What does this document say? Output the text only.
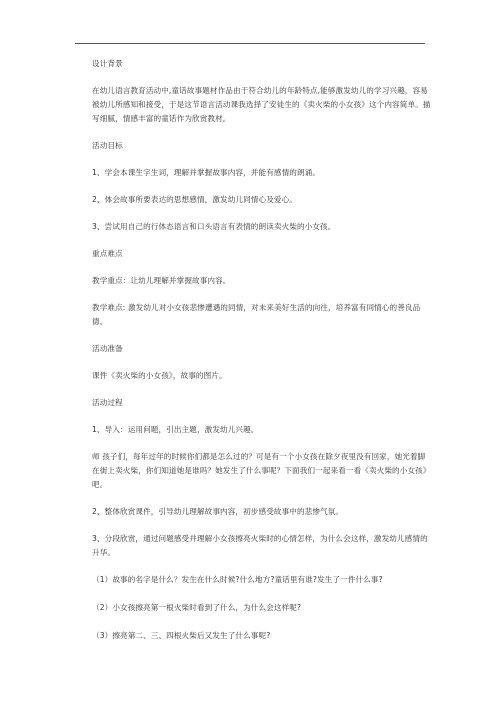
设计背景

在幼儿语言教育活动中,童话故事题材作品由于符合幼儿的年龄特点,能够激发幼儿的学习兴趣，容易被幼儿所感知和接受，于是这节语言活动课我选择了安徒生的《卖火柴的小女孩》这个内容简单。描写细腻，情感丰富的童话作为欣赏教材。

活动目标

1、学会本课生字生词，理解并掌握故事内容，并能有感情的朗诵。

2、体会故事所要表达的思想感情，激发幼儿同情心及爱心。

3、尝试用自己的行体态语言和口头语言有表情的朗读卖火柴的小女孩。

重点难点

教学重点：让幼儿理解并掌握故事内容。

教学难点: 激发幼儿对小女孩悲惨遭遇的同情，对未来美好生活的向往，培养富有同情心的善良品德。

活动准备

课件《卖火柴的小女孩》，故事的图片。

活动过程

1、导入：运用问题，引出主题，激发幼儿兴趣。

师 孩子们，每年过年的时候你们都是怎么过的？可是有一个小女孩在除夕夜里没有回家，她光着脚在街上卖火柴，你们知道她是谁吗？她发生了什么事呢？下面我们一起来看一看《卖火柴的小女孩》吧。

2、整体欣赏课件，引导幼儿理解故事内容，初步感受故事中的悲惨气氛。

3、分段欣赏，通过问题感受并理解小女孩擦亮火柴时的心情怎样，为什么会这样，激发幼儿感情的升华。

（1）故事的名字是什么？发生在什么时候?什么地方?童话里有谁?发生了一件什么事?

（2）小女孩擦亮第一根火柴时看到了什么，为什么会这样呢?

（3）擦亮第二、三、四根火柴后又发生了什么事呢?
